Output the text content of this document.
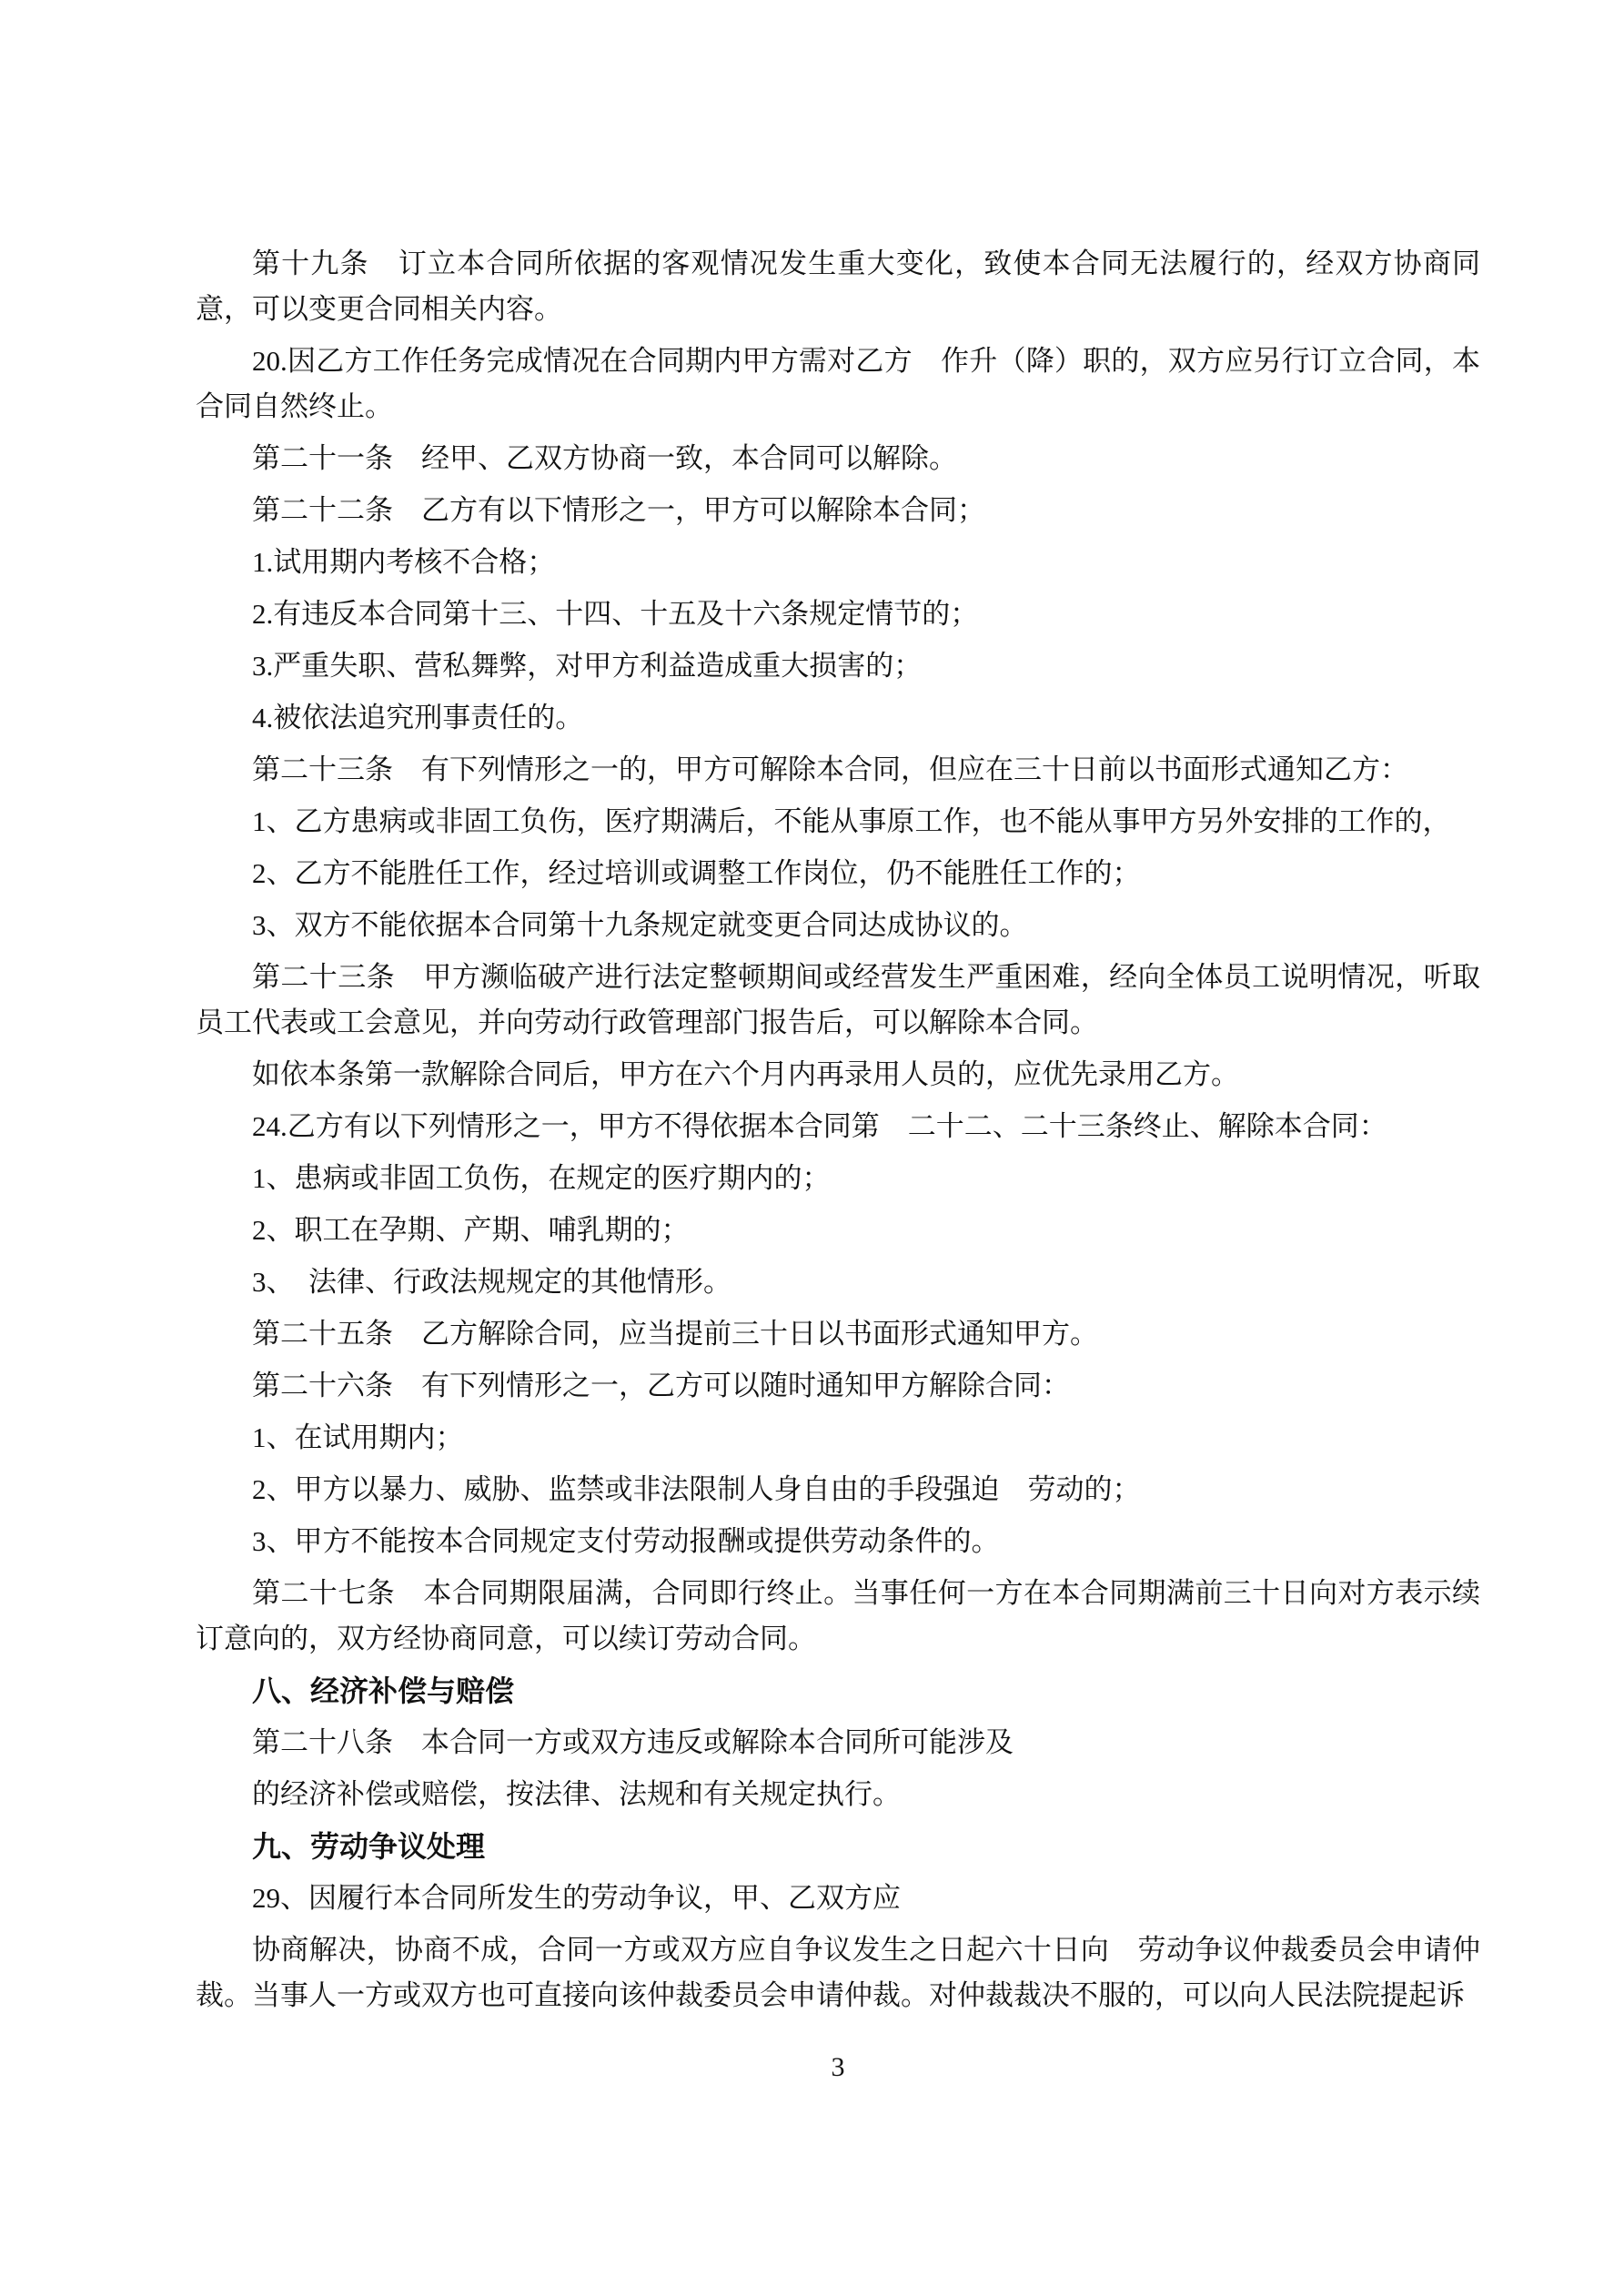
第十九条　订立本合同所依据的客观情况发生重大变化，致使本合同无法履行的，经双方协商同意，可以变更合同相关内容。

20.因乙方工作任务完成情况在合同期内甲方需对乙方　作升（降）职的，双方应另行订立合同，本合同自然终止。

第二十一条　经甲、乙双方协商一致，本合同可以解除。

第二十二条　乙方有以下情形之一，甲方可以解除本合同；

1.试用期内考核不合格；

2.有违反本合同第十三、十四、十五及十六条规定情节的；

3.严重失职、营私舞弊，对甲方利益造成重大损害的；

4.被依法追究刑事责任的。

第二十三条　有下列情形之一的，甲方可解除本合同，但应在三十日前以书面形式通知乙方：

1、乙方患病或非固工负伤，医疗期满后，不能从事原工作，也不能从事甲方另外安排的工作的，

2、乙方不能胜任工作，经过培训或调整工作岗位，仍不能胜任工作的；

3、双方不能依据本合同第十九条规定就变更合同达成协议的。

第二十三条　甲方濒临破产进行法定整顿期间或经营发生严重困难，经向全体员工说明情况，听取员工代表或工会意见，并向劳动行政管理部门报告后，可以解除本合同。

如依本条第一款解除合同后，甲方在六个月内再录用人员的，应优先录用乙方。

24.乙方有以下列情形之一，甲方不得依据本合同第　二十二、二十三条终止、解除本合同：

1、患病或非固工负伤，在规定的医疗期内的；

2、职工在孕期、产期、哺乳期的；

3、　法律、行政法规规定的其他情形。

第二十五条　乙方解除合同，应当提前三十日以书面形式通知甲方。

第二十六条　有下列情形之一，乙方可以随时通知甲方解除合同：

1、在试用期内；

2、甲方以暴力、威胁、监禁或非法限制人身自由的手段强迫　劳动的；

3、甲方不能按本合同规定支付劳动报酬或提供劳动条件的。

第二十七条　本合同期限届满，合同即行终止。当事任何一方在本合同期满前三十日向对方表示续订意向的，双方经协商同意，可以续订劳动合同。

八、经济补偿与赔偿

第二十八条　本合同一方或双方违反或解除本合同所可能涉及

的经济补偿或赔偿，按法律、法规和有关规定执行。

九、劳动争议处理

29、因履行本合同所发生的劳动争议，甲、乙双方应

协商解决，协商不成，合同一方或双方应自争议发生之日起六十日向　劳动争议仲裁委员会申请仲裁。当事人一方或双方也可直接向该仲裁委员会申请仲裁。对仲裁裁决不服的，可以向人民法院提起诉

3
